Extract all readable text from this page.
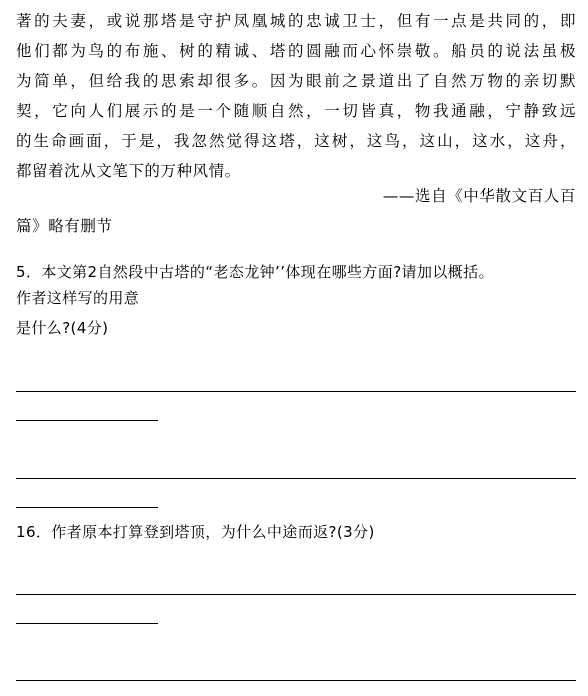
著的夫妻，或说那塔是守护凤凰城的忠诚卫士，但有一点是共同的，即
他们都为鸟的布施、树的精诚、塔的圆融而心怀崇敬。船员的说法虽极
为简单，但给我的思索却很多。因为眼前之景道出了自然万物的亲切默
契，它向人们展示的是一个随顺自然，一切皆真，物我通融，宁静致远
的生命画面，于是，我忽然觉得这塔，这树，这鸟，这山，这水，这舟，
都留着沈从文笔下的万种风情。
——选自《中华散文百人百
篇》略有删节
5．本文第2自然段中古塔的“老态龙钟’’体现在哪些方面?请加以概括。
作者这样写的用意
是什么?(4分)
16．作者原本打算登到塔顶，为什么中途而返?(3分)
